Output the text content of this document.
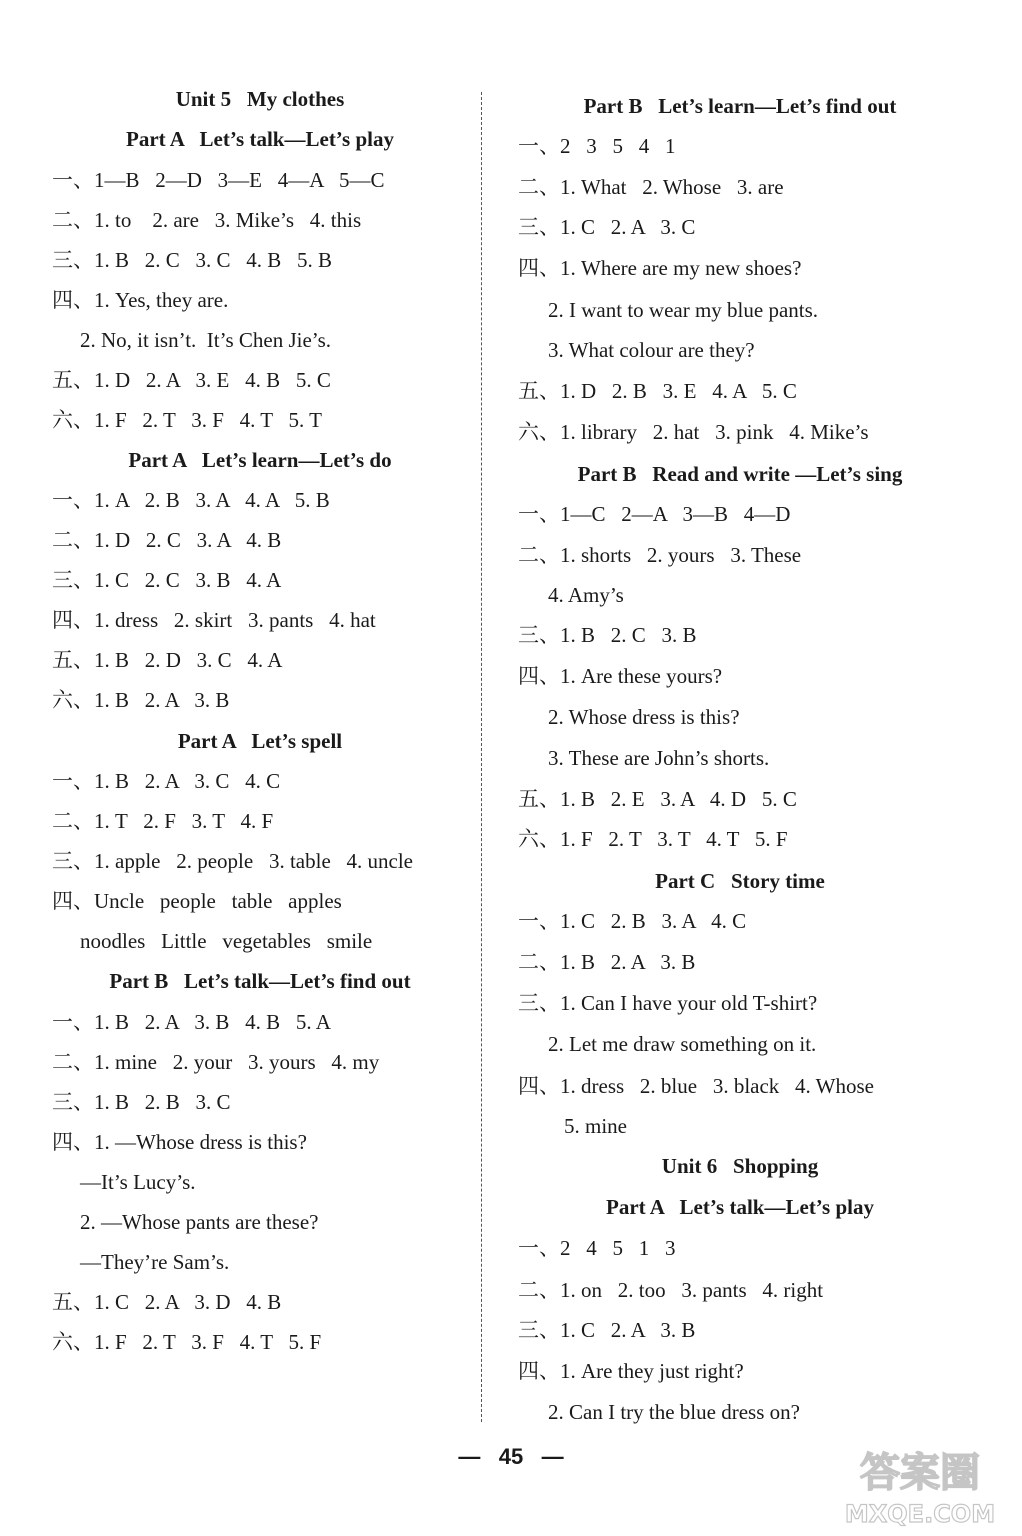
Unit 5   My clothes
Part A   Let’s talk—Let’s play
一、1—B   2—D   3—E   4—A   5—C
二、1. to    2. are   3. Mike’s   4. this
三、1. B   2. C   3. C   4. B   5. B
四、1. Yes, they are.
2. No, it isn’t.  It’s Chen Jie’s.
五、1. D   2. A   3. E   4. B   5. C
六、1. F   2. T   3. F   4. T   5. T
Part A   Let’s learn—Let’s do
一、1. A   2. B   3. A   4. A   5. B
二、1. D   2. C   3. A   4. B
三、1. C   2. C   3. B   4. A
四、1. dress   2. skirt   3. pants   4. hat
五、1. B   2. D   3. C   4. A
六、1. B   2. A   3. B
Part A   Let’s spell
一、1. B   2. A   3. C   4. C
二、1. T   2. F   3. T   4. F
三、1. apple   2. people   3. table   4. uncle
四、Uncle   people   table   apples
noodles   Little   vegetables   smile
Part B   Let’s talk—Let’s find out
一、1. B   2. A   3. B   4. B   5. A
二、1. mine   2. your   3. yours   4. my
三、1. B   2. B   3. C
四、1. —Whose dress is this?
—It’s Lucy’s.
2. —Whose pants are these?
—They’re Sam’s.
五、1. C   2. A   3. D   4. B
六、1. F   2. T   3. F   4. T   5. F
Part B   Let’s learn—Let’s find out
一、2   3   5   4   1
二、1. What   2. Whose   3. are
三、1. C   2. A   3. C
四、1. Where are my new shoes?
2. I want to wear my blue pants.
3. What colour are they?
五、1. D   2. B   3. E   4. A   5. C
六、1. library   2. hat   3. pink   4. Mike’s
Part B   Read and write —Let’s sing
一、1—C   2—A   3—B   4—D
二、1. shorts   2. yours   3. These
4. Amy’s
三、1. B   2. C   3. B
四、1. Are these yours?
2. Whose dress is this?
3. These are John’s shorts.
五、1. B   2. E   3. A   4. D   5. C
六、1. F   2. T   3. T   4. T   5. F
Part C   Story time
一、1. C   2. B   3. A   4. C
二、1. B   2. A   3. B
三、1. Can I have your old T-shirt?
2. Let me draw something on it.
四、1. dress   2. blue   3. black   4. Whose
5. mine
Unit 6   Shopping
Part A   Let’s talk—Let’s play
一、2   4   5   1   3
二、1. on   2. too   3. pants   4. right
三、1. C   2. A   3. B
四、1. Are they just right?
2. Can I try the blue dress on?
—   45   —	答案圈
MXQE.COM
